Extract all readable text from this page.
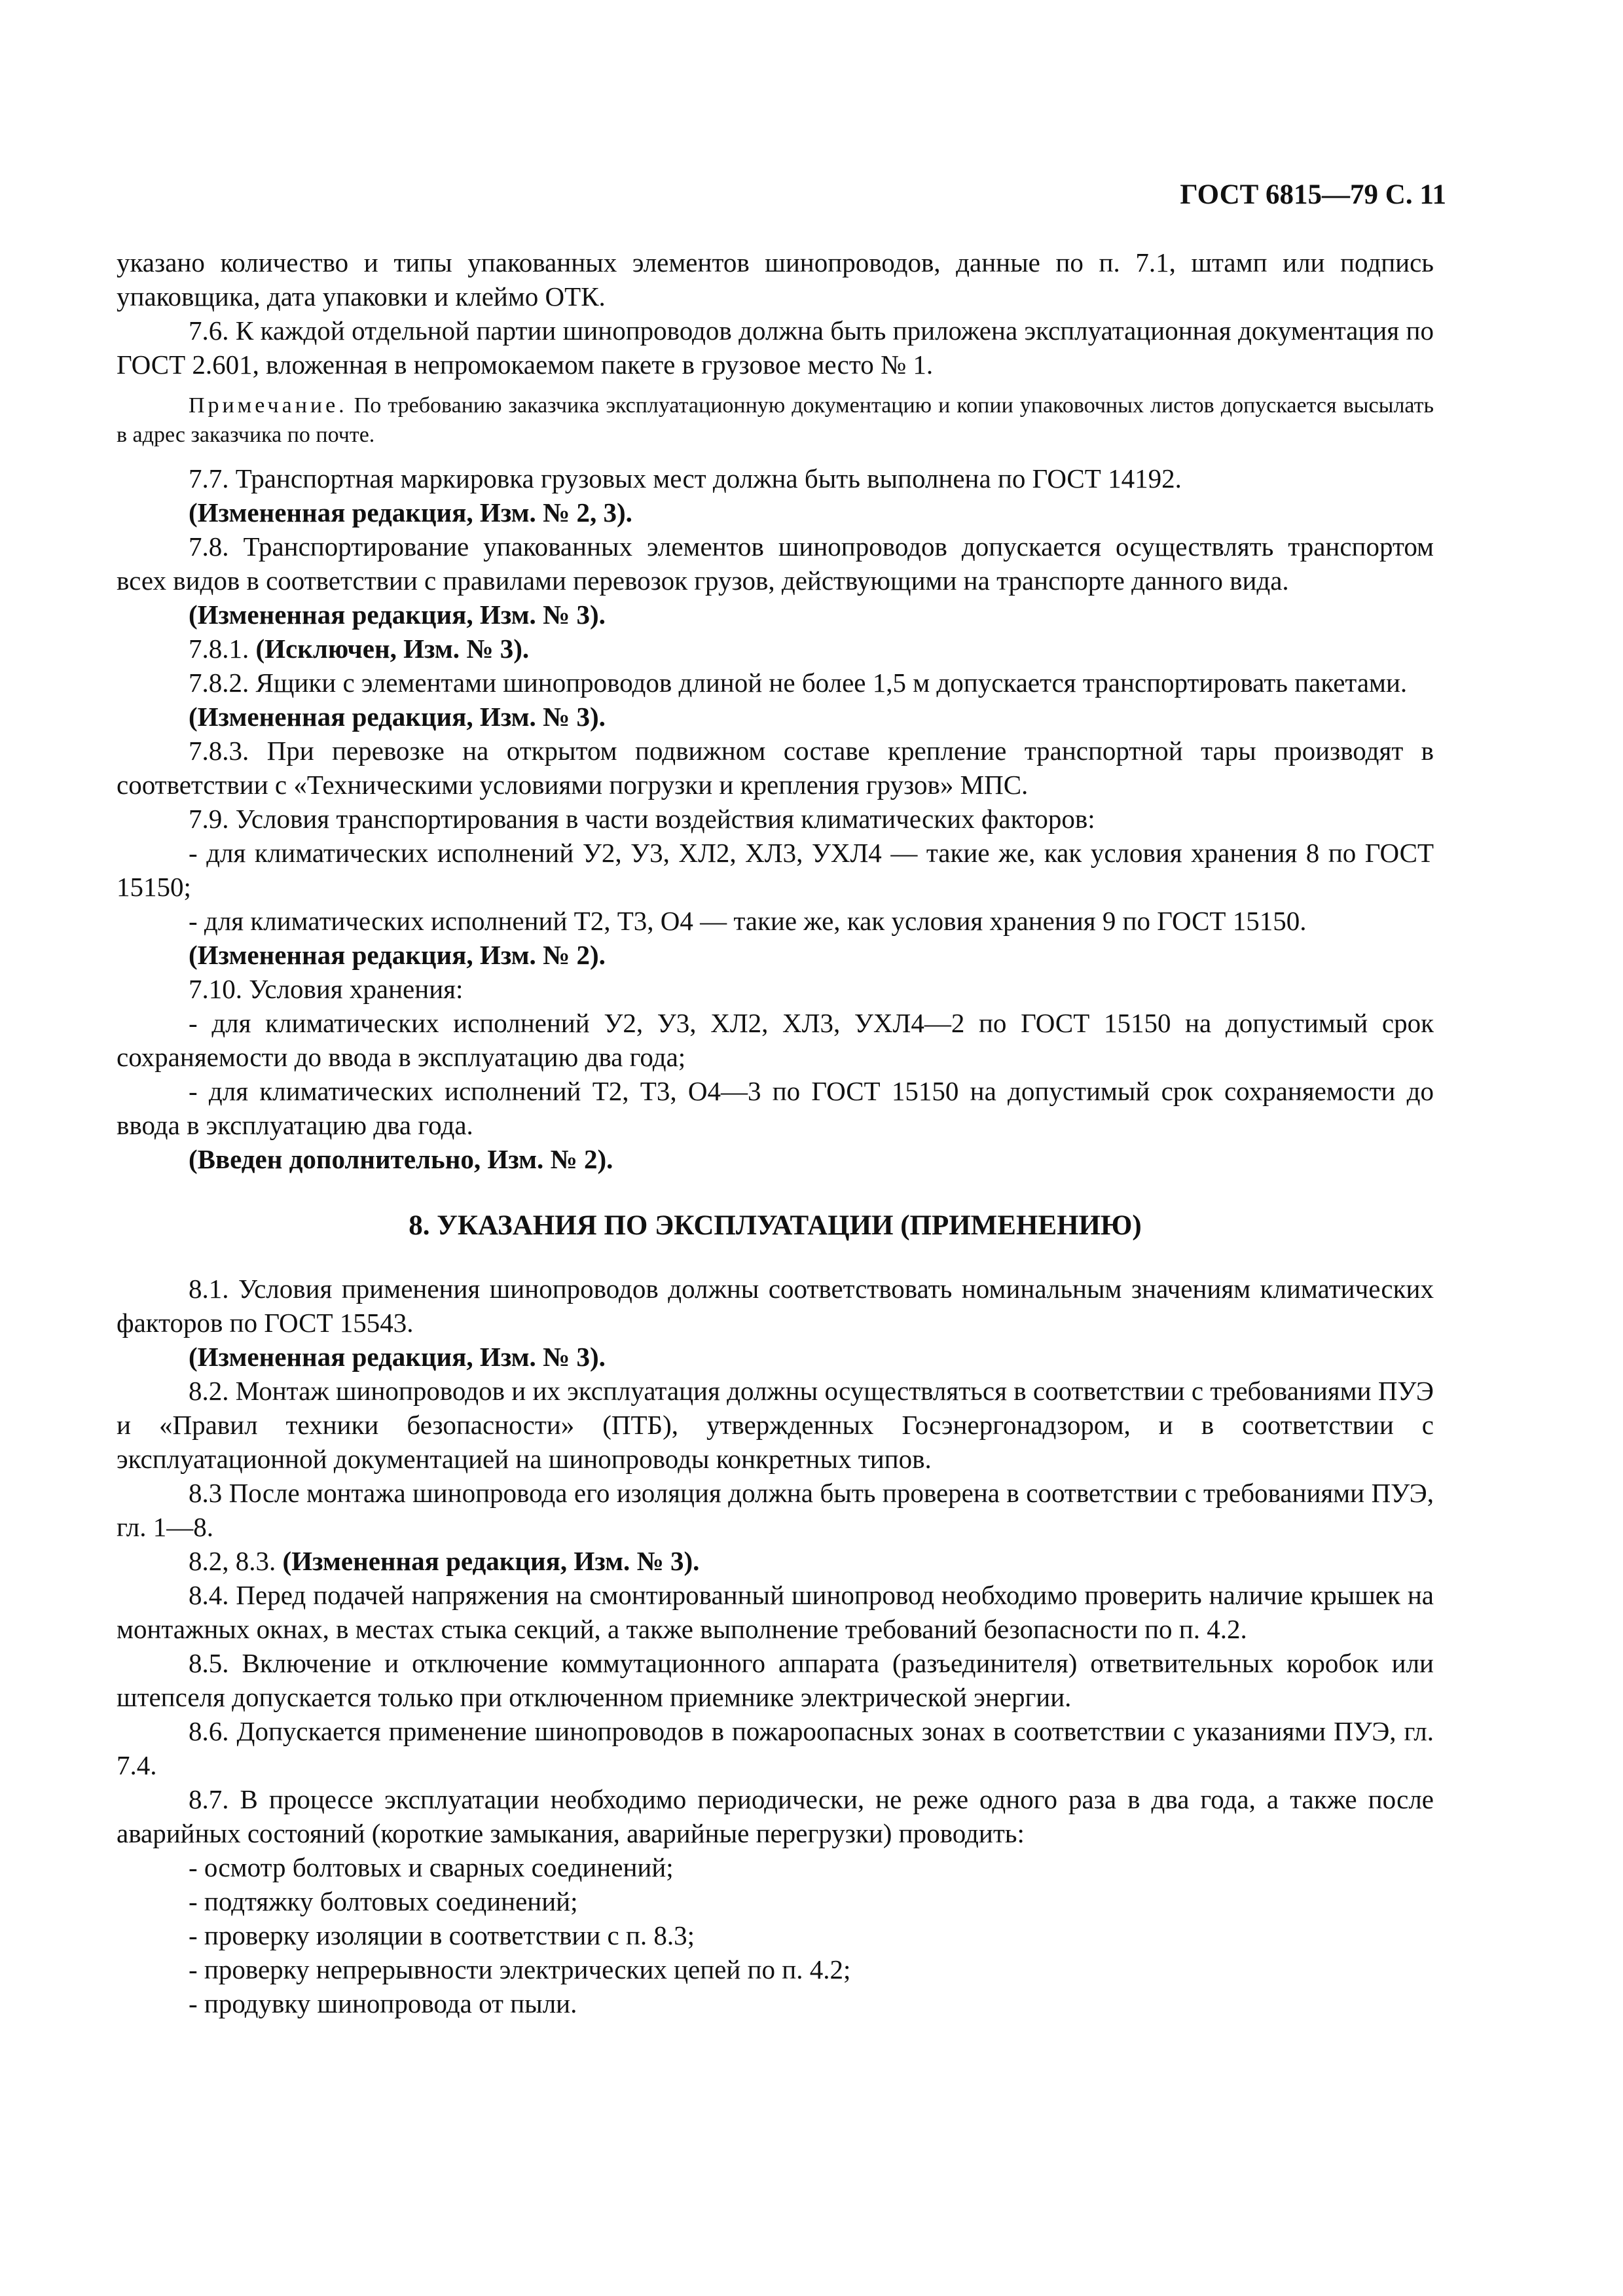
ГОСТ 6815—79 С. 11

указано количество и типы упакованных элементов шинопроводов, данные по п. 7.1, штамп или подпись упаковщика, дата упаковки и клеймо ОТК.

7.6. К каждой отдельной партии шинопроводов должна быть приложена эксплуатационная документация по ГОСТ 2.601, вложенная в непромокаемом пакете в грузовое место № 1.

Примечание. По требованию заказчика эксплуатационную документацию и копии упаковочных листов допускается высылать в адрес заказчика по почте.

7.7. Транспортная маркировка грузовых мест должна быть выполнена по ГОСТ 14192.

(Измененная редакция, Изм. № 2, 3).

7.8. Транспортирование упакованных элементов шинопроводов допускается осуществлять транспортом всех видов в соответствии с правилами перевозок грузов, действующими на транспорте данного вида.

(Измененная редакция, Изм. № 3).

7.8.1. (Исключен, Изм. № 3).

7.8.2. Ящики с элементами шинопроводов длиной не более 1,5 м допускается транспортировать пакетами.

(Измененная редакция, Изм. № 3).

7.8.3. При перевозке на открытом подвижном составе крепление транспортной тары производят в соответствии с «Техническими условиями погрузки и крепления грузов» МПС.

7.9. Условия транспортирования в части воздействия климатических факторов:

- для климатических исполнений У2, У3, ХЛ2, ХЛ3, УХЛ4 — такие же, как условия хранения 8 по ГОСТ 15150;

- для климатических исполнений Т2, Т3, О4 — такие же, как условия хранения 9 по ГОСТ 15150.

(Измененная редакция, Изм. № 2).

7.10. Условия хранения:

- для климатических исполнений У2, У3, ХЛ2, ХЛ3, УХЛ4—2 по ГОСТ 15150 на допустимый срок сохраняемости до ввода в эксплуатацию два года;

- для климатических исполнений Т2, Т3, О4—3 по ГОСТ 15150 на допустимый срок сохраняемости до ввода в эксплуатацию два года.

(Введен дополнительно, Изм. № 2).

8. УКАЗАНИЯ ПО ЭКСПЛУАТАЦИИ (ПРИМЕНЕНИЮ)

8.1. Условия применения шинопроводов должны соответствовать номинальным значениям климатических факторов по ГОСТ 15543.

(Измененная редакция, Изм. № 3).

8.2. Монтаж шинопроводов и их эксплуатация должны осуществляться в соответствии с требованиями ПУЭ и «Правил техники безопасности» (ПТБ), утвержденных Госэнергонадзором, и в соответствии с эксплуатационной документацией на шинопроводы конкретных типов.

8.3 После монтажа шинопровода его изоляция должна быть проверена в соответствии с требованиями ПУЭ, гл. 1—8.

8.2, 8.3. (Измененная редакция, Изм. № 3).

8.4. Перед подачей напряжения на смонтированный шинопровод необходимо проверить наличие крышек на монтажных окнах, в местах стыка секций, а также выполнение требований безопасности по п. 4.2.

8.5. Включение и отключение коммутационного аппарата (разъединителя) ответвительных коробок или штепселя допускается только при отключенном приемнике электрической энергии.

8.6. Допускается применение шинопроводов в пожароопасных зонах в соответствии с указаниями ПУЭ, гл. 7.4.

8.7. В процессе эксплуатации необходимо периодически, не реже одного раза в два года, а также после аварийных состояний (короткие замыкания, аварийные перегрузки) проводить:

- осмотр болтовых и сварных соединений;

- подтяжку болтовых соединений;

- проверку изоляции в соответствии с п. 8.3;

- проверку непрерывности электрических цепей по п. 4.2;

- продувку шинопровода от пыли.
